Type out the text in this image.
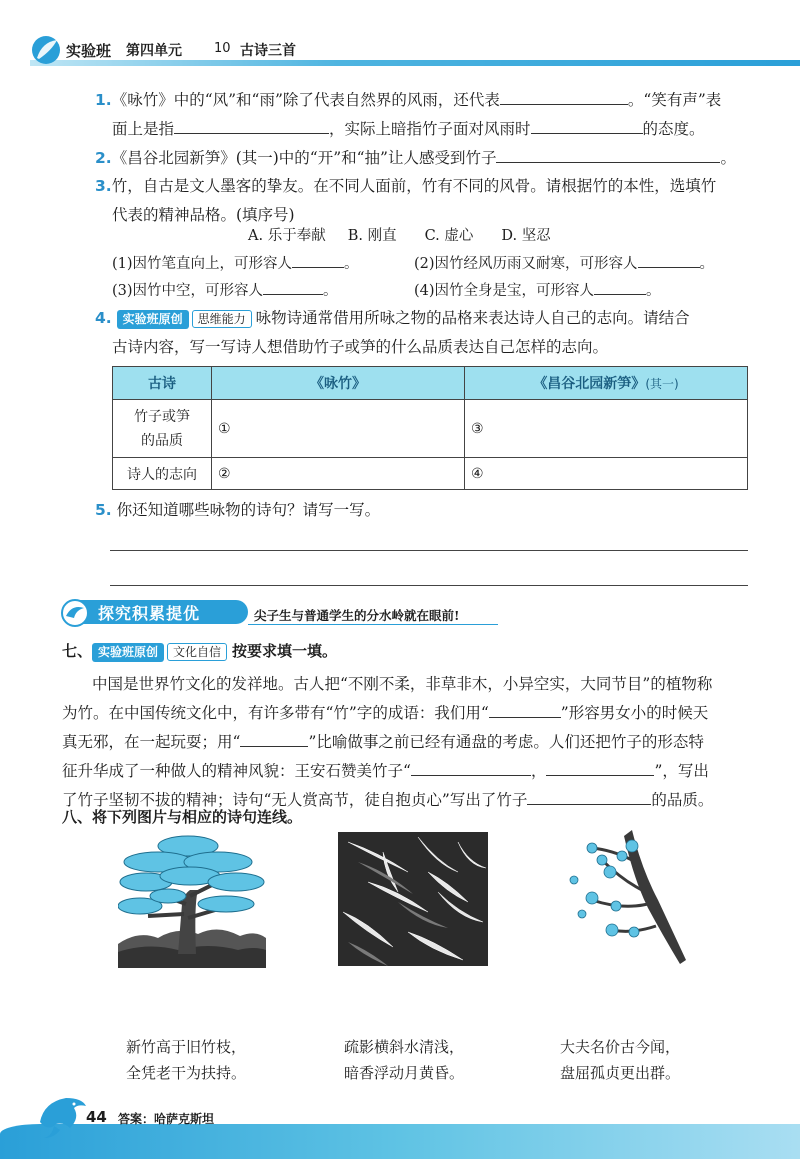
实验班 第四单元 10 古诗三首
1.《咏竹》中的“风”和“雨”除了代表自然界的风雨，还代表	。“笑有声”表
面上是指	，实际上暗指竹子面对风雨时	的态度。
2.《昌谷北园新笋》(其一)中的“开”和“抽”让人感受到竹子	。
3.竹，自古是文人墨客的挚友。在不同人面前，竹有不同的风骨。请根据竹的本性，选填竹
代表的精神品格。(填序号)
A. 乐于奉献 B. 刚直 C. 虚心 D. 坚忍
(1)因竹笔直向上，可形容人	。	(2)因竹经风历雨又耐寒，可形容人	。
(3)因竹中空，可形容人	。	(4)因竹全身是宝，可形容人	。
4. 实验班原创 思维能力 咏物诗通常借用所咏之物的品格来表达诗人自己的志向。请结合
古诗内容，写一写诗人想借助竹子或笋的什么品质表达自己怎样的志向。
古诗	《咏竹》	《昌谷北园新笋》(其一)

竹子或笋
的品质	①	③
诗人的志向	②	④
5. 你还知道哪些咏物的诗句？请写一写。
探究积累提优	尖子生与普通学生的分水岭就在眼前!
七、 实验班原创 文化自信 按要求填一填。
中国是世界竹文化的发祥地。古人把“不刚不柔，非草非木，小异空实，大同节目”的植物称
为竹。在中国传统文化中，有许多带有“竹”字的成语：我们用“	”形容男女小的时候天
真无邪，在一起玩耍；用“	”比喻做事之前已经有通盘的考虑。人们还把竹子的形态特
征升华成了一种做人的精神风貌：王安石赞美竹子“	，	”，写出
了竹子坚韧不拔的精神；诗句“无人赏高节，徒自抱贞心”写出了竹子	的品质。
八、将下列图片与相应的诗句连线。
新竹高于旧竹枝，
全凭老干为扶持。
疏影横斜水清浅，
暗香浮动月黄昏。
大夫名价古今闻，
盘屈孤贞更出群。
44 答案：哈萨克斯坦
